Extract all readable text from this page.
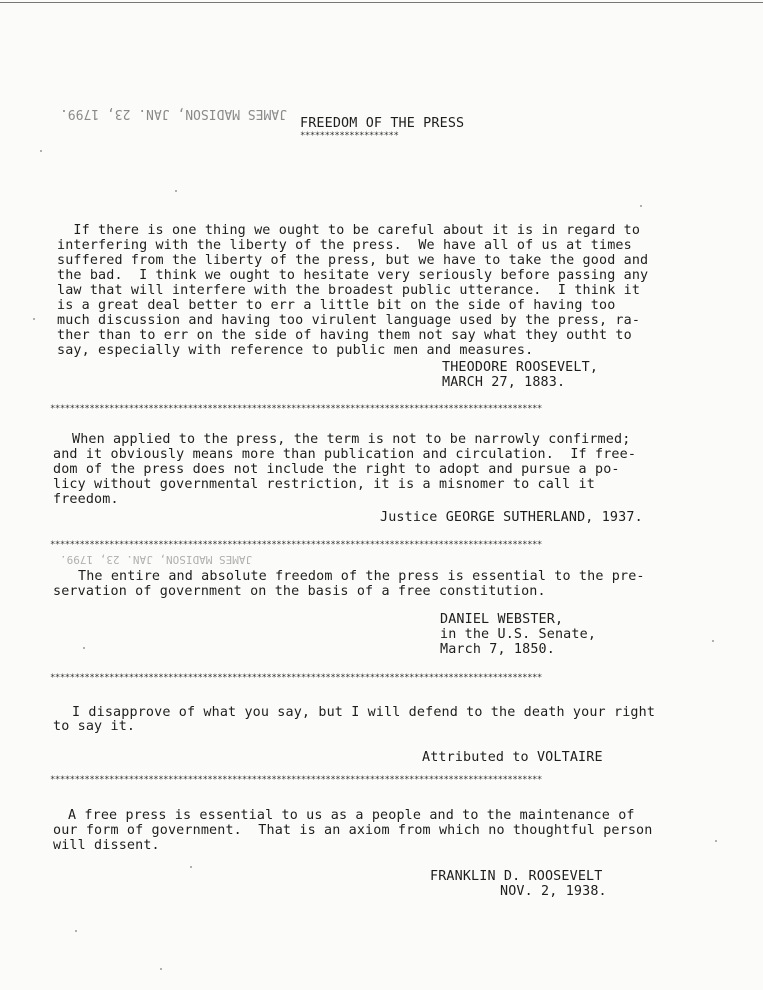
JAMES MADISON, JAN. 23, 1799.
FREEDOM OF THE PRESS
********************
If there is one thing we ought to be careful about it is in regard to
interfering with the liberty of the press.  We have all of us at times
suffered from the liberty of the press, but we have to take the good and
the bad.  I think we ought to hesitate very seriously before passing any
law that will interfere with the broadest public utterance.  I think it
is a great deal better to err a little bit on the side of having too
much discussion and having too virulent language used by the press, ra-
ther than to err on the side of having them not say what they outht to
say, especially with reference to public men and measures.
THEODORE ROOSEVELT,
MARCH 27, 1883.
****************************************************************************************************
When applied to the press, the term is not to be narrowly confirmed;
and it obviously means more than publication and circulation.  If free-
dom of the press does not include the right to adopt and pursue a po-
licy without governmental restriction, it is a misnomer to call it
freedom.
Justice GEORGE SUTHERLAND, 1937.
****************************************************************************************************
JAMES MADISON, JAN. 23, 1799.
The entire and absolute freedom of the press is essential to the pre-
servation of government on the basis of a free constitution.
DANIEL WEBSTER,
in the U.S. Senate,
March 7, 1850.
****************************************************************************************************
I disapprove of what you say, but I will defend to the death your right
to say it.
Attributed to VOLTAIRE
****************************************************************************************************
A free press is essential to us as a people and to the maintenance of
our form of government.  That is an axiom from which no thoughtful person
will dissent.
FRANKLIN D. ROOSEVELT
NOV. 2, 1938.
